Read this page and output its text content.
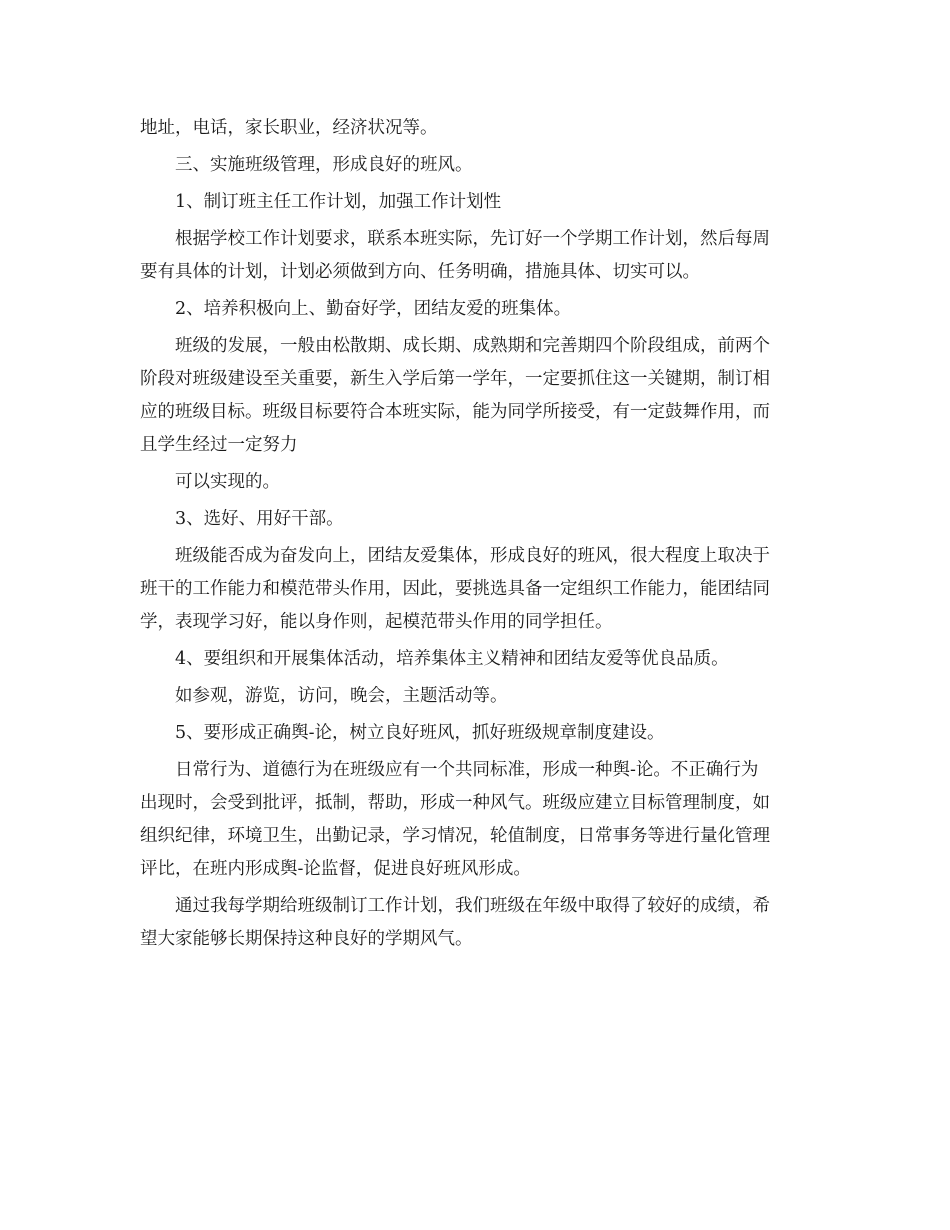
地址，电话，家长职业，经济状况等。
三、实施班级管理，形成良好的班风。
1、制订班主任工作计划，加强工作计划性
根据学校工作计划要求，联系本班实际，先订好一个学期工作计划，然后每周
要有具体的计划，计划必须做到方向、任务明确，措施具体、切实可以。
2、培养积极向上、勤奋好学，团结友爱的班集体。
班级的发展，一般由松散期、成长期、成熟期和完善期四个阶段组成，前两个
阶段对班级建设至关重要，新生入学后第一学年，一定要抓住这一关键期，制订相
应的班级目标。班级目标要符合本班实际，能为同学所接受，有一定鼓舞作用，而
且学生经过一定努力
可以实现的。
3、选好、用好干部。
班级能否成为奋发向上，团结友爱集体，形成良好的班风，很大程度上取决于
班干的工作能力和模范带头作用，因此，要挑选具备一定组织工作能力，能团结同
学，表现学习好，能以身作则，起模范带头作用的同学担任。
4、要组织和开展集体活动，培养集体主义精神和团结友爱等优良品质。
如参观，游览，访问，晚会，主题活动等。
5、要形成正确舆-论，树立良好班风，抓好班级规章制度建设。
日常行为、道德行为在班级应有一个共同标准，形成一种舆-论。不正确行为
出现时，会受到批评，抵制，帮助，形成一种风气。班级应建立目标管理制度，如
组织纪律，环境卫生，出勤记录，学习情况，轮值制度，日常事务等进行量化管理
评比，在班内形成舆-论监督，促进良好班风形成。
通过我每学期给班级制订工作计划，我们班级在年级中取得了较好的成绩，希
望大家能够长期保持这种良好的学期风气。
